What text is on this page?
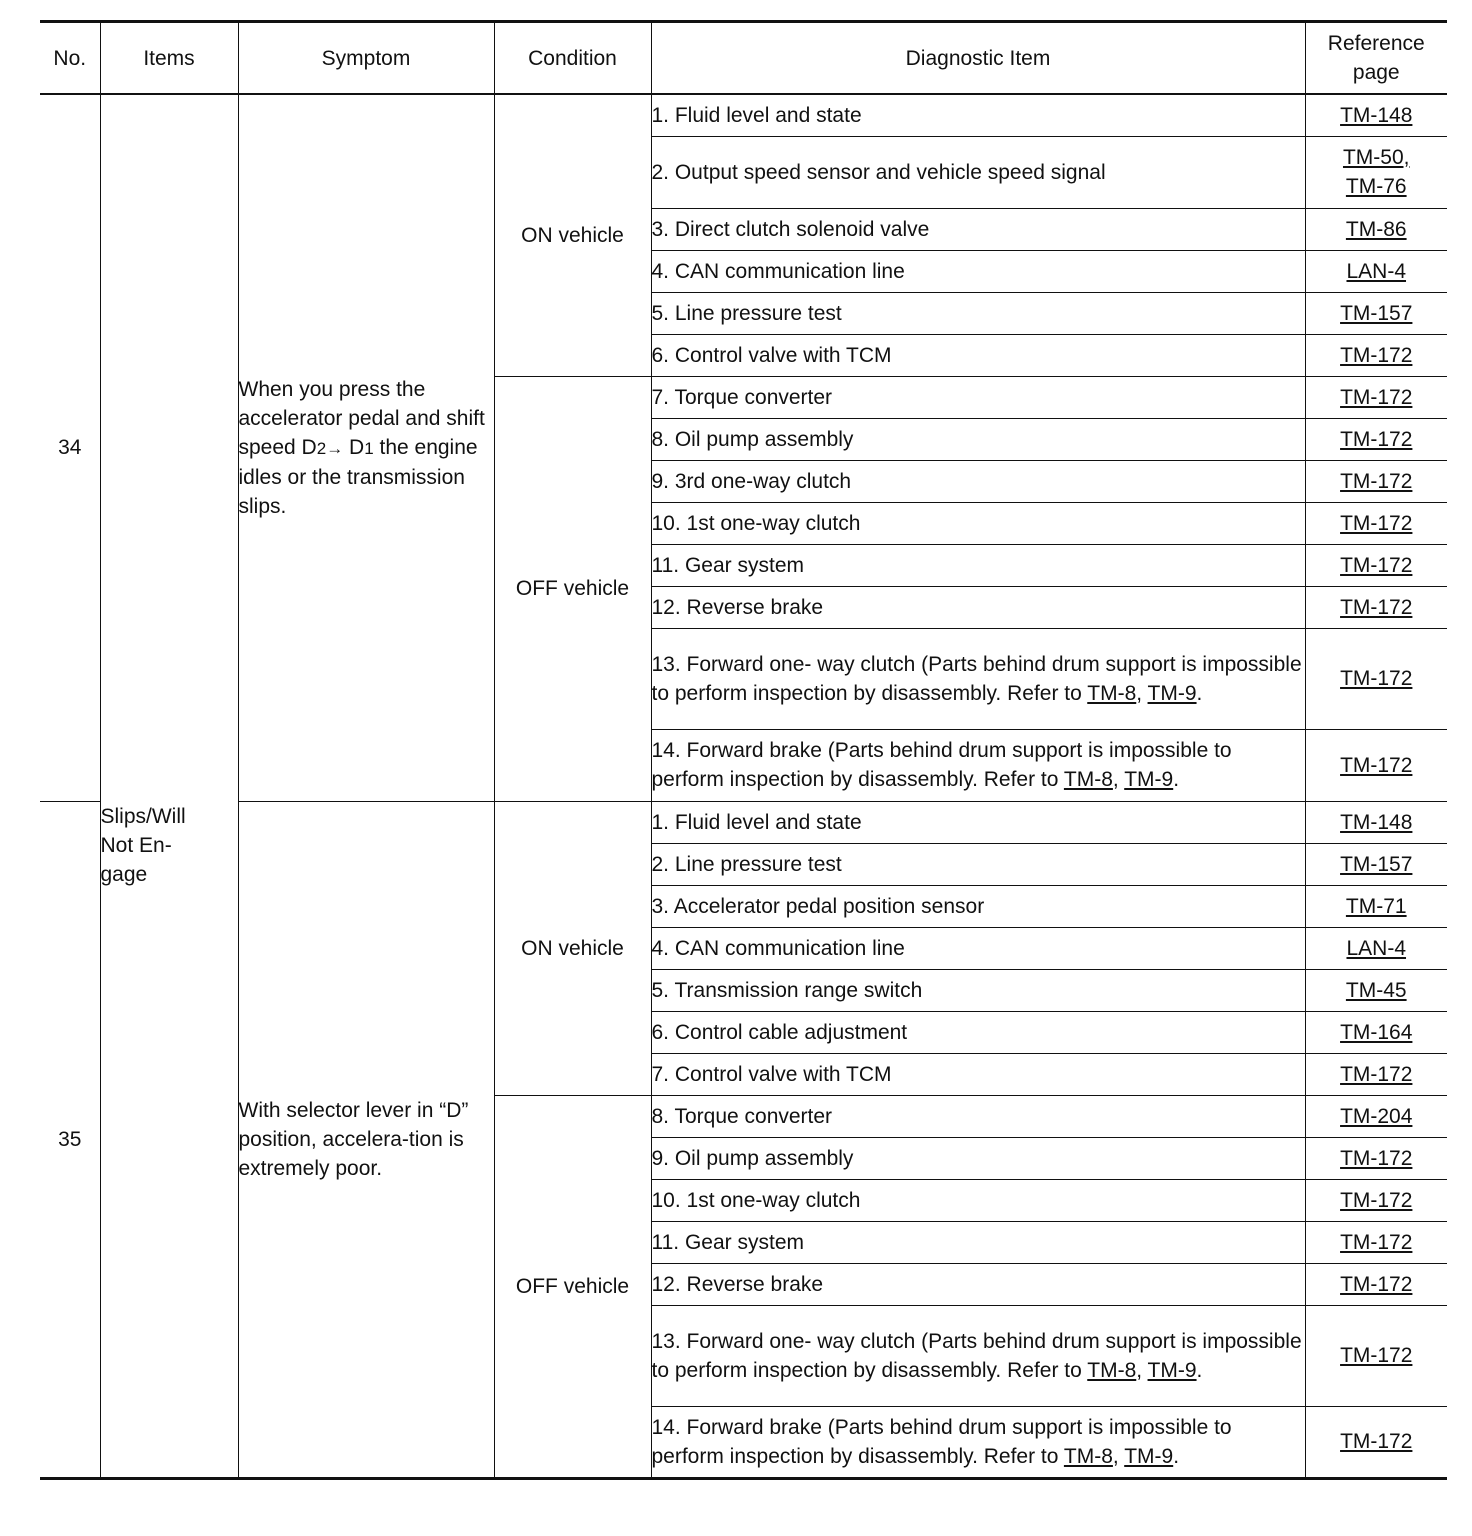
No.	Items	Symptom	Condition	Diagnostic Item	Reference page
34	Slips/Will Not En-gage	When you press the accelerator pedal and shift speed D2→ D1 the engine idles or the transmission slips.	ON vehicle	1. Fluid level and state	TM-148
				2. Output speed sensor and vehicle speed signal	TM-50,
TM-76
				3. Direct clutch solenoid valve	TM-86
				4. CAN communication line	LAN-4
				5. Line pressure test	TM-157
				6. Control valve with TCM	TM-172
			OFF vehicle	7. Torque converter	TM-172
				8. Oil pump assembly	TM-172
				9. 3rd one-way clutch	TM-172
				10. 1st one-way clutch	TM-172
				11. Gear system	TM-172
				12. Reverse brake	TM-172
				13. Forward one- way clutch (Parts behind drum support is impossible to perform inspection by disassembly. Refer to TM-8, TM-9.	TM-172
				14. Forward brake (Parts behind drum support is impossible to perform inspection by disassembly. Refer to TM-8, TM-9.	TM-172
35		With selector lever in “D” position, accelera-tion is extremely poor.	ON vehicle	1. Fluid level and state	TM-148
				2. Line pressure test	TM-157
				3. Accelerator pedal position sensor	TM-71
				4. CAN communication line	LAN-4
				5. Transmission range switch	TM-45
				6. Control cable adjustment	TM-164
				7. Control valve with TCM	TM-172
			OFF vehicle	8. Torque converter	TM-204
				9. Oil pump assembly	TM-172
				10. 1st one-way clutch	TM-172
				11. Gear system	TM-172
				12. Reverse brake	TM-172
				13. Forward one- way clutch (Parts behind drum support is impossible to perform inspection by disassembly. Refer to TM-8, TM-9.	TM-172
				14. Forward brake (Parts behind drum support is impossible to perform inspection by disassembly. Refer to TM-8, TM-9.	TM-172
